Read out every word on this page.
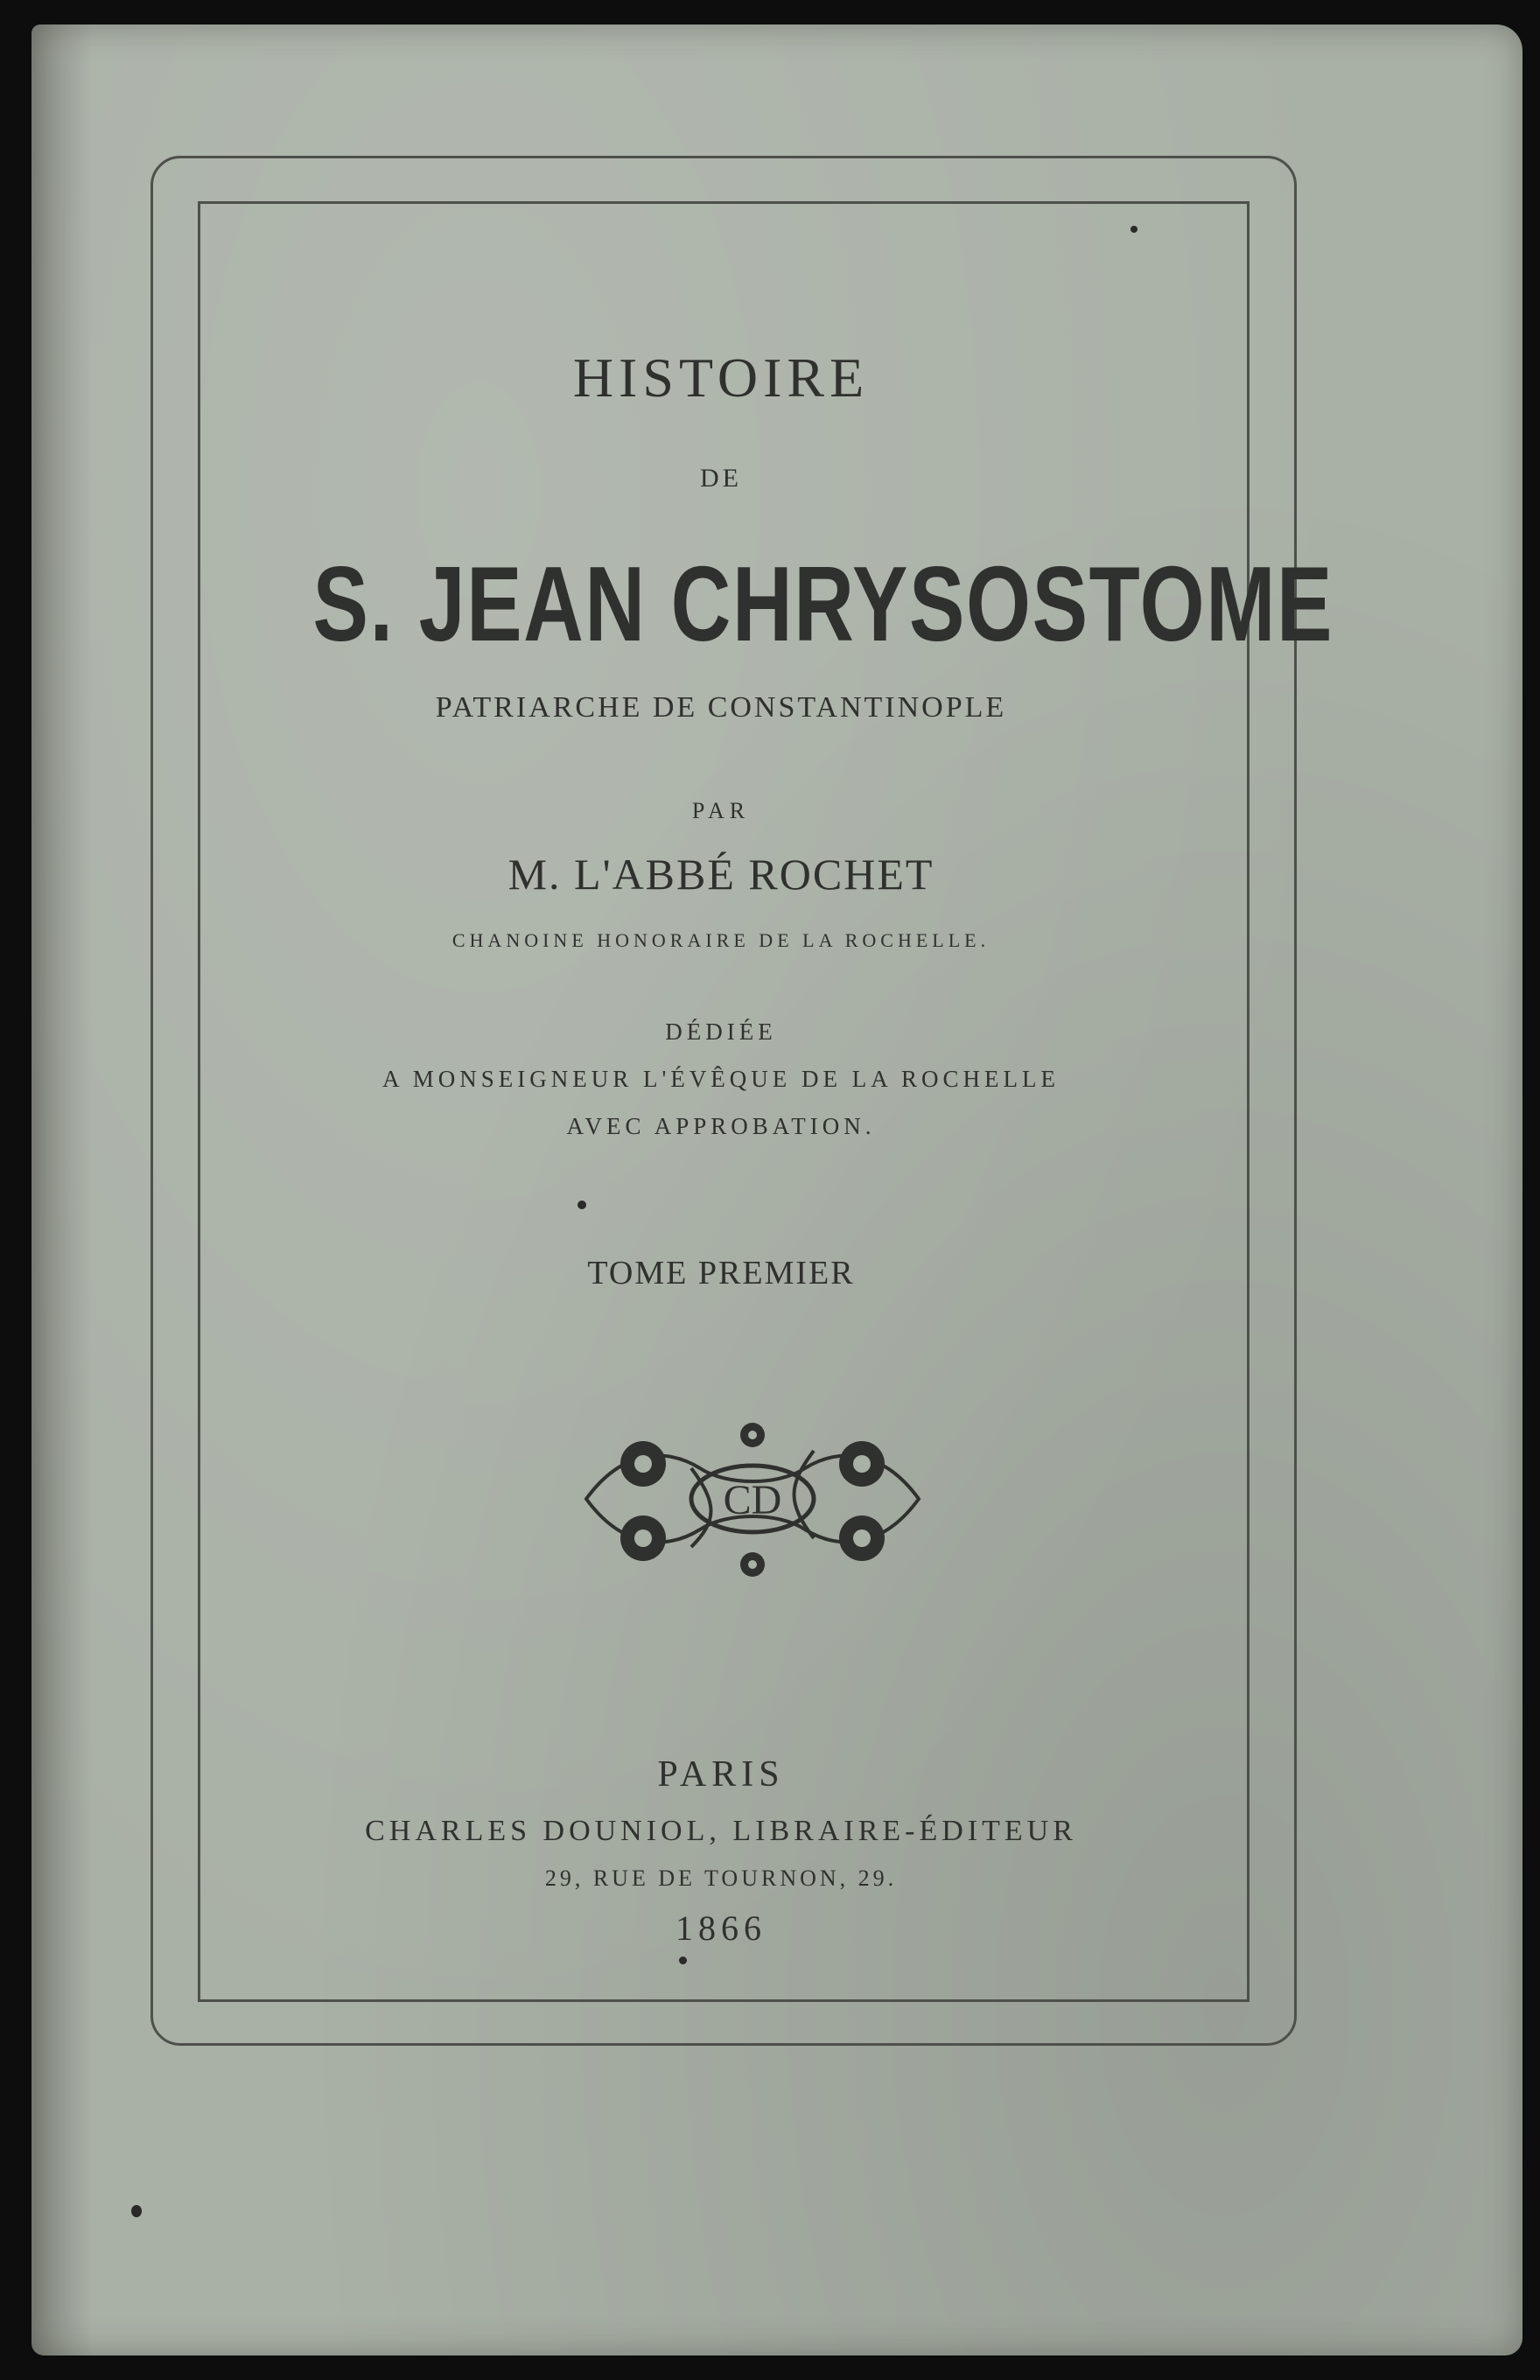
HISTOIRE
DE
S. JEAN CHRYSOSTOME
PATRIARCHE DE CONSTANTINOPLE
PAR
M. L'ABBÉ ROCHET
CHANOINE HONORAIRE DE LA ROCHELLE.
DÉDIÉE
A MONSEIGNEUR L'ÉVÊQUE DE LA ROCHELLE
AVEC APPROBATION.
TOME PREMIER
CD
PARIS
CHARLES DOUNIOL, LIBRAIRE-ÉDITEUR
29, RUE DE TOURNON, 29.
1866
